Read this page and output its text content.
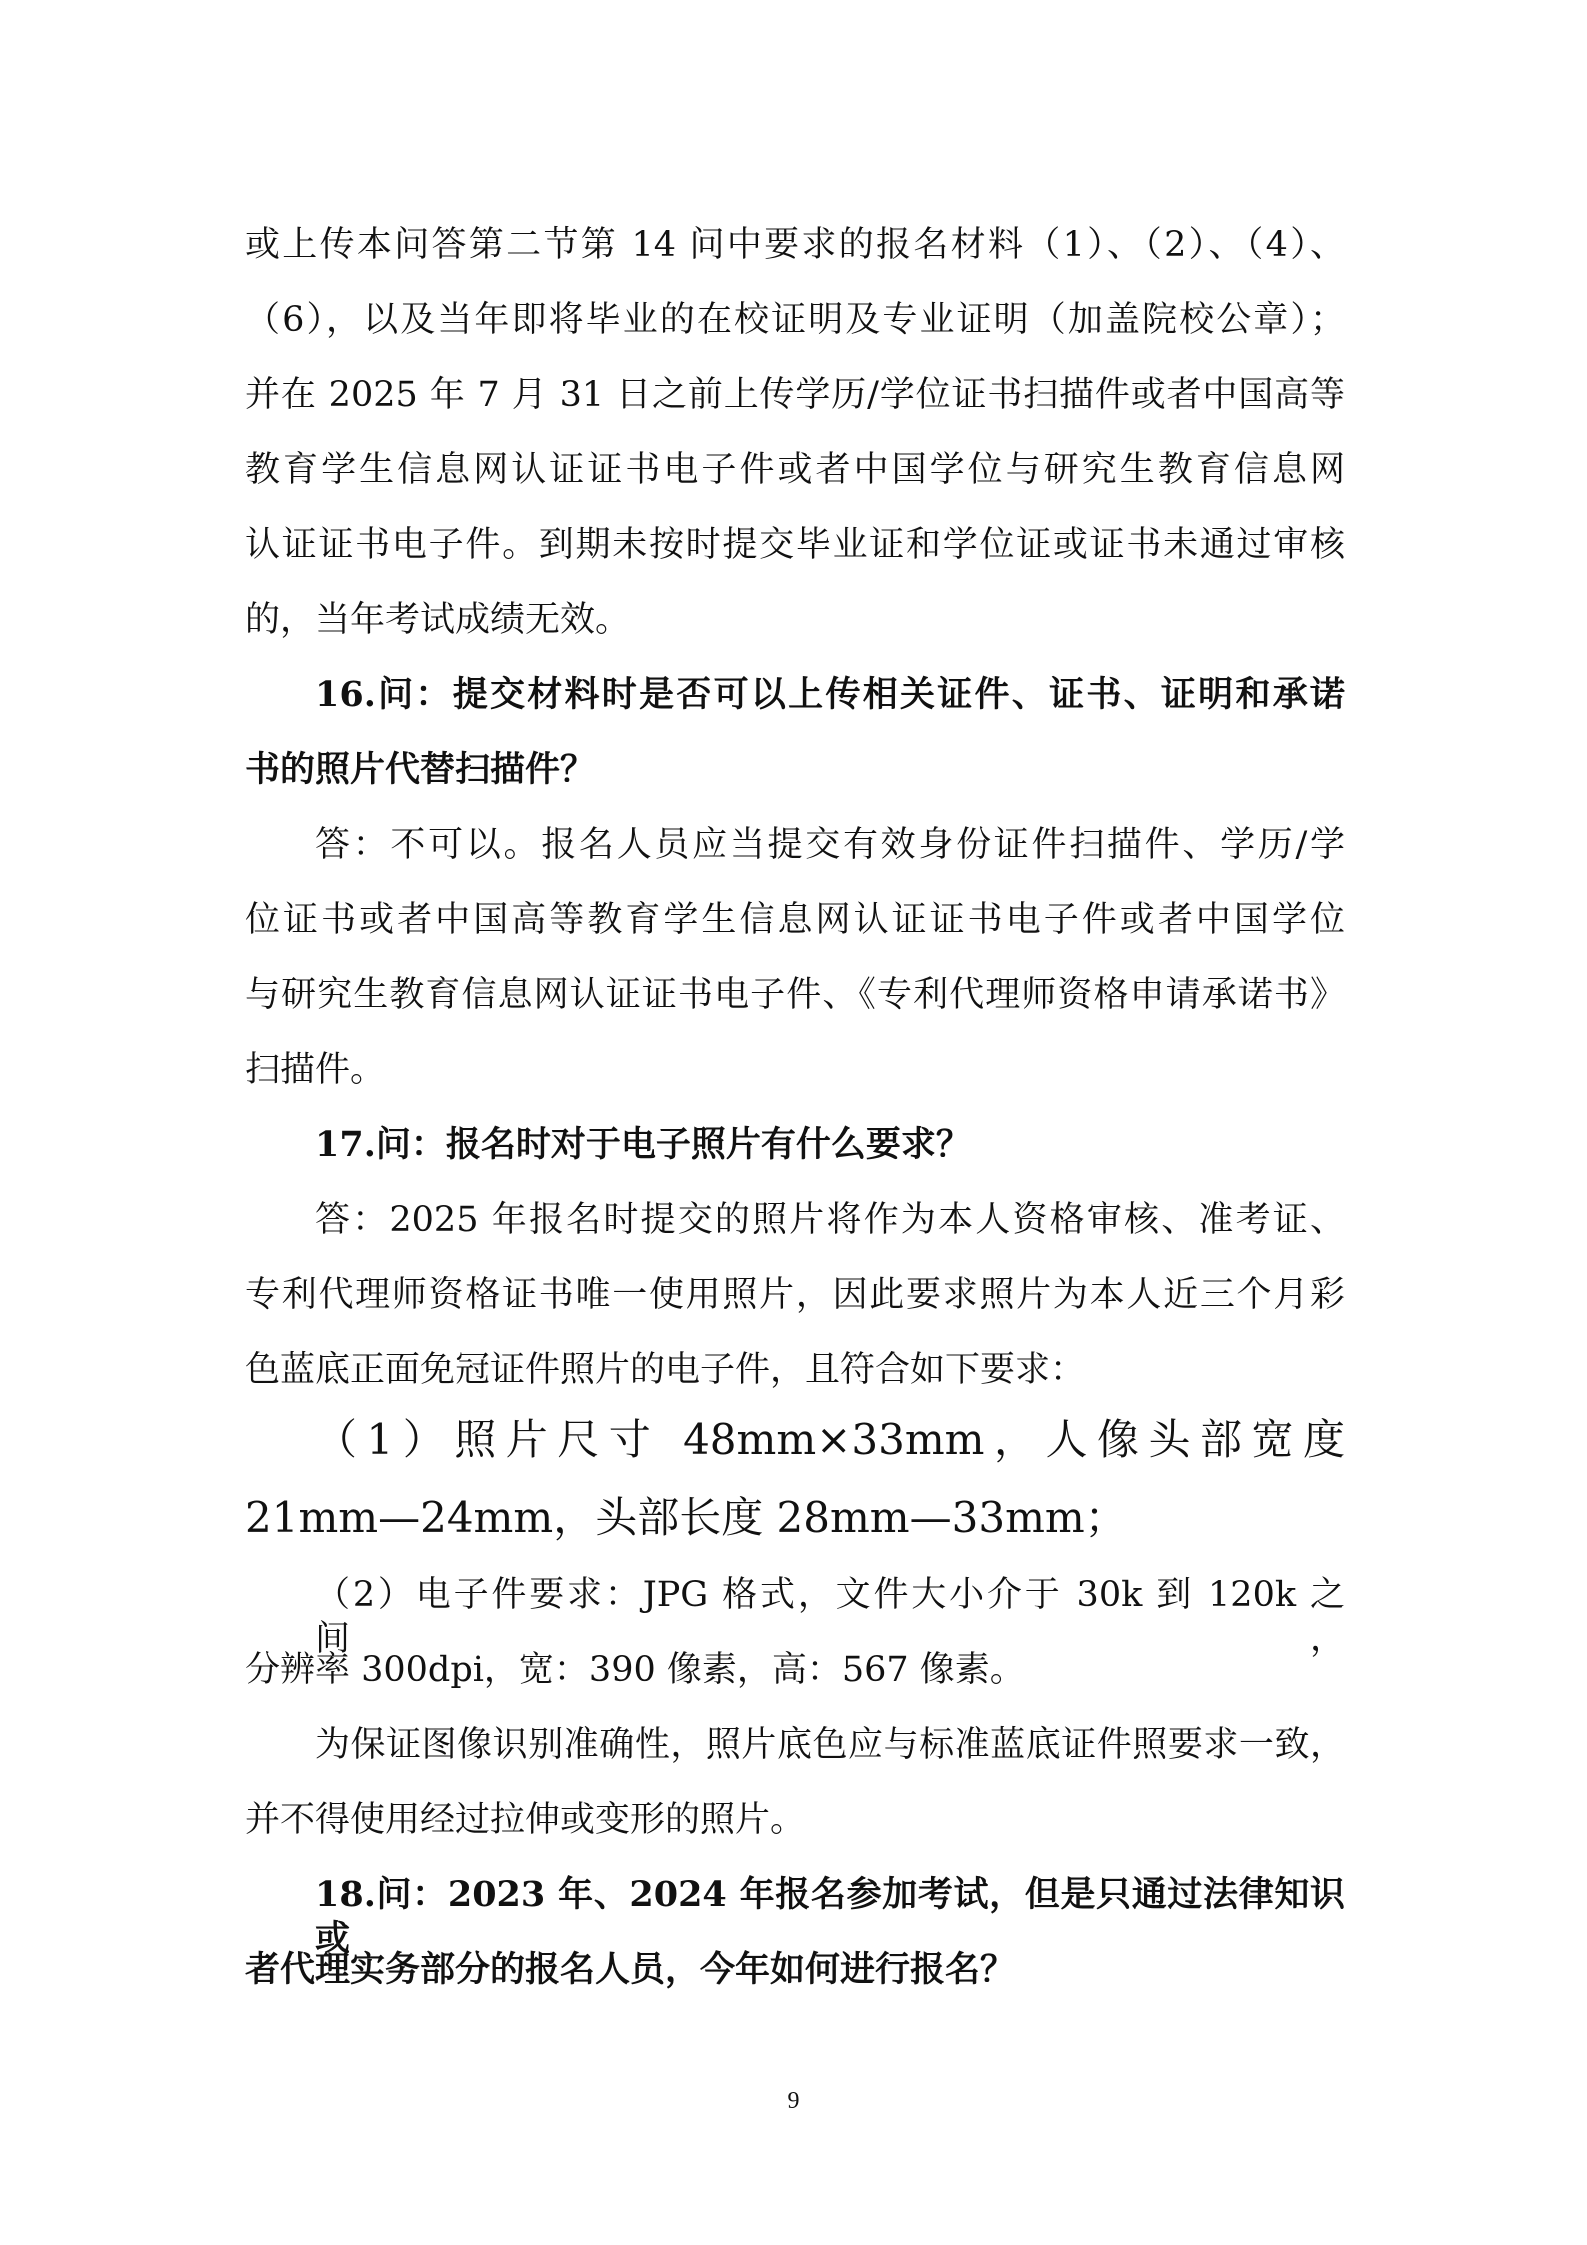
或上传本问答第二节第 14 问中要求的报名材料（1）、（2）、（4）、
（6），以及当年即将毕业的在校证明及专业证明（加盖院校公章）；
并在 2025 年 7 月 31 日之前上传学历/学位证书扫描件或者中国高等
教育学生信息网认证证书电子件或者中国学位与研究生教育信息网
认证证书电子件。到期未按时提交毕业证和学位证或证书未通过审核
的，当年考试成绩无效。
16.问：提交材料时是否可以上传相关证件、证书、证明和承诺
书的照片代替扫描件？
答：不可以。报名人员应当提交有效身份证件扫描件、学历/学
位证书或者中国高等教育学生信息网认证证书电子件或者中国学位
与研究生教育信息网认证证书电子件、《专利代理师资格申请承诺书》
扫描件。
17.问：报名时对于电子照片有什么要求？
答：2025 年报名时提交的照片将作为本人资格审核、准考证、
专利代理师资格证书唯一使用照片，因此要求照片为本人近三个月彩
色蓝底正面免冠证件照片的电子件，且符合如下要求：
（1）照片尺寸 48mm×33mm，人像头部宽度
21mm—24mm，头部长度 28mm—33mm；
（2）电子件要求：JPG 格式，文件大小介于 30k 到 120k 之间，
分辨率 300dpi，宽：390 像素，高：567 像素。
为保证图像识别准确性，照片底色应与标准蓝底证件照要求一致，
并不得使用经过拉伸或变形的照片。
18.问：2023 年、2024 年报名参加考试，但是只通过法律知识或
者代理实务部分的报名人员，今年如何进行报名？
9
